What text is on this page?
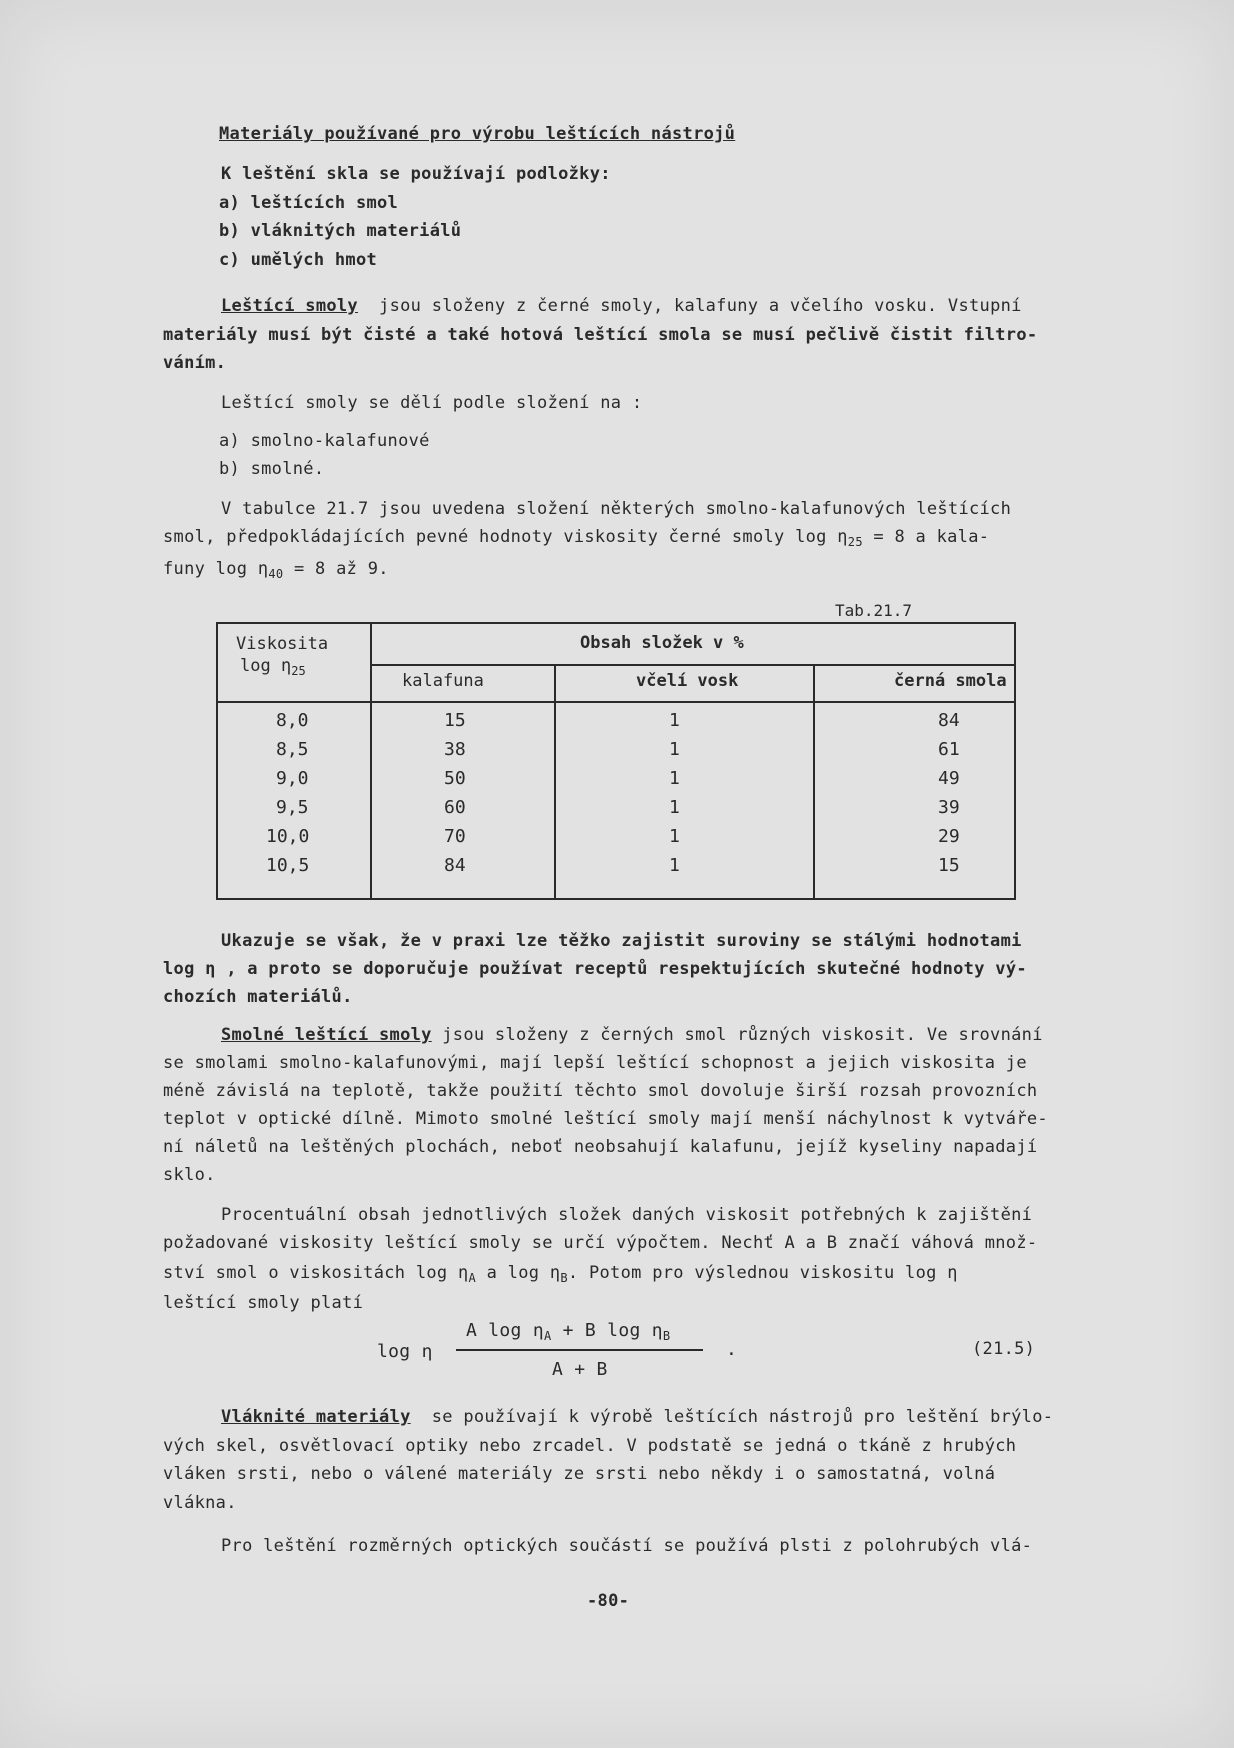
Materiály používané pro výrobu leštících nástrojů
K leštění skla se používají podložky:
a) leštících smol
b) vláknitých materiálů
c) umělých hmot
Leštící smoly jsou složeny z černé smoly, kalafuny a včelího vosku. Vstupní
materiály musí být čisté a také hotová leštící smola se musí pečlivě čistit filtro-
váním.
Leštící smoly se dělí podle složení na :
a) smolno-kalafunové
b) smolné.
V tabulce 21.7 jsou uvedena složení některých smolno-kalafunových leštících
smol, předpokládajících pevné hodnoty viskosity černé smoly $\log \eta_{25} = 8$ a kala-
funy $\log \eta_{40} = 8$ až 9.
Tab.21.7
Viskosita
$\log \eta_{25}$
Obsah složek v %
kalafuna	včelí vosk	černá smola
8,0	15	1	84
8,5	38	1	61
9,0	50	1	49
9,5	60	1	39
10,0	70	1	29
10,5	84	1	15
Ukazuje se však, že v praxi lze těžko zajistit suroviny se stálými hodnotami
log η , a proto se doporučuje používat receptů respektujících skutečné hodnoty vý-
chozích materiálů.
Smolné leštící smoly jsou složeny z černých smol různých viskosit. Ve srovnání
se smolami smolno-kalafunovými, mají lepší leštící schopnost a jejich viskosita je
méně závislá na teplotě, takže použití těchto smol dovoluje širší rozsah provozních
teplot v optické dílně. Mimoto smolné leštící smoly mají menší náchylnost k vytváře-
ní náletů na leštěných plochách, neboť neobsahují kalafunu, jejíž kyseliny napadají
sklo.
Procentuální obsah jednotlivých složek daných viskosit potřebných k zajištění
požadované viskosity leštící smoly se určí výpočtem. Nechť A a B značí váhová množ-
ství smol o viskositách $\log \eta_A$ a $\log \eta_B$. Potom pro výslednou viskositu log η
leštící smoly platí
log η
A $\log \eta_A + B$ $\log \eta_B$
A + B
.	(21.5)
Vláknité materiály se používají k výrobě leštících nástrojů pro leštění brýlo-
vých skel, osvětlovací optiky nebo zrcadel. V podstatě se jedná o tkáně z hrubých
vláken srsti, nebo o válené materiály ze srsti nebo někdy i o samostatná, volná
vlákna.
Pro leštění rozměrných optických součástí se používá plsti z polohrubých vlá-
-80-
